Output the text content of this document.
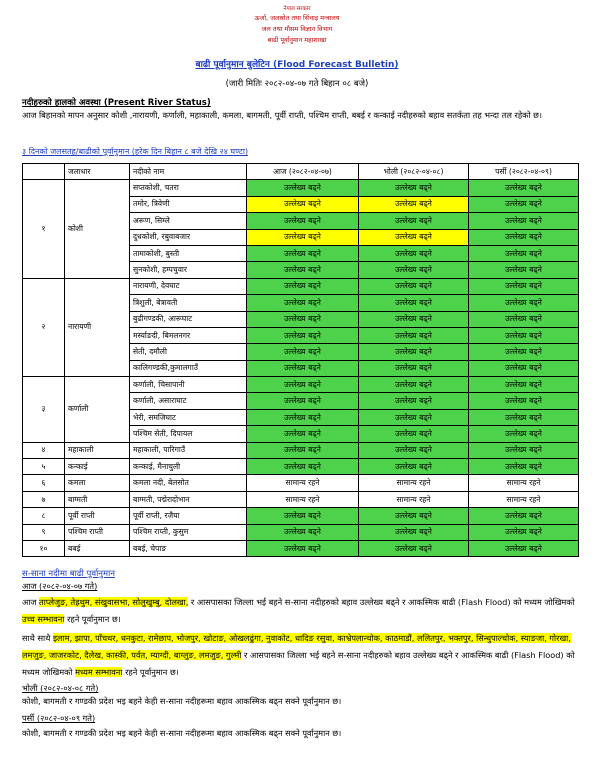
नेपाल सरकार
ऊर्जा, जलस्रोत तथा सिंचाइ मन्त्रालय
जल तथा मौसम विज्ञान विभाग
बाढी पूर्वानुमान महाशाखा
बाढी पूर्वानुमान बुलेटिन (Flood Forecast Bulletin)
(जारी मितिः २०८२-०४-०७ गते बिहान ०८ बजे)
नदीहरुको हालको अवस्था (Present River Status)
आज बिहानको मापन अनुसार कोशी ,नारायणी, कर्णाली, महाकाली, कमला, बागमती, पूर्वी राप्ती, पश्चिम राप्ती, बबई र कन्काई नदीहरुको बहाव सतर्कता तह भन्दा तल रहेको छ।
३ दिनको जलसतह/बाढीको पूर्वानुमान (हरेक दिन बिहान ८ बजे देखि २४ घण्टा)
	जलाधार	नदीको नाम	आज (२०८२-०४-०७)	भोली (२०८२-०४-०८)	पर्सी (२०८२-०४-०९)
१	कोशी	सप्तकोशी, चतरा	उल्लेख्य बढ्ने	उल्लेख्य बढ्ने	उल्लेख्य बढ्ने
		तमोर, त्रिवेणी	उल्लेख्य बढ्ने	उल्लेख्य बढ्ने	उल्लेख्य बढ्ने
		अरूण, सिम्ले	उल्लेख्य बढ्ने	उल्लेख्य बढ्ने	उल्लेख्य बढ्ने
		दुधकोशी, रबुवाबजार	उल्लेख्य बढ्ने	उल्लेख्य बढ्ने	उल्लेख्य बढ्ने
		तामाकोशी, बुस्ती	उल्लेख्य बढ्ने	उल्लेख्य बढ्ने	उल्लेख्य बढ्ने
		सुनकोशी, हम्पचुवार	उल्लेख्य बढ्ने	उल्लेख्य बढ्ने	उल्लेख्य बढ्ने
२	नारायणी	नारायणी, देवघाट	उल्लेख्य बढ्ने	उल्लेख्य बढ्ने	उल्लेख्य बढ्ने
		त्रिशुली, बेत्रावती	उल्लेख्य बढ्ने	उल्लेख्य बढ्ने	उल्लेख्य बढ्ने
		बुढीगण्डकी, आरूघाट	उल्लेख्य बढ्ने	उल्लेख्य बढ्ने	उल्लेख्य बढ्ने
		मर्स्याङदी, बिमलनगर	उल्लेख्य बढ्ने	उल्लेख्य बढ्ने	उल्लेख्य बढ्ने
		सेती, दमौली	उल्लेख्य बढ्ने	उल्लेख्य बढ्ने	उल्लेख्य बढ्ने
		कालिगण्डकी,कुमालगाउँ	उल्लेख्य बढ्ने	उल्लेख्य बढ्ने	उल्लेख्य बढ्ने
३	कर्णाली	कर्णाली, चिसापानी	उल्लेख्य बढ्ने	उल्लेख्य बढ्ने	उल्लेख्य बढ्ने
		कर्णाली, असाराघाट	उल्लेख्य बढ्ने	उल्लेख्य बढ्ने	उल्लेख्य बढ्ने
		भेरी, समजिघाट	उल्लेख्य बढ्ने	उल्लेख्य बढ्ने	उल्लेख्य बढ्ने
		पश्चिम सेती, दिपायल	उल्लेख्य बढ्ने	उल्लेख्य बढ्ने	उल्लेख्य बढ्ने
४	महाकाली	महाकाली, पारिगाउँ	उल्लेख्य बढ्ने	उल्लेख्य बढ्ने	उल्लेख्य बढ्ने
५	कन्काई	कन्काई, मैनाचुली	उल्लेख्य बढ्ने	उल्लेख्य बढ्ने	उल्लेख्य बढ्ने
६	कमला	कमला नदी, बेलसोत	सामान्य रहने	सामान्य रहने	सामान्य रहने
७	बाग्मती	बाग्मती, पद्मेरादोभान	सामान्य रहने	सामान्य रहने	सामान्य रहने
८	पूर्वी राप्ती	पूर्वी राप्ती, रजैया	उल्लेख्य बढ्ने	उल्लेख्य बढ्ने	उल्लेख्य बढ्ने
९	पश्चिम राप्ती	पश्चिम राप्ती, कुसुम	उल्लेख्य बढ्ने	उल्लेख्य बढ्ने	उल्लेख्य बढ्ने
१०	बबई	बबई, चेपाङ	उल्लेख्य बढ्ने	उल्लेख्य बढ्ने	उल्लेख्य बढ्ने
स-साना नदीमा बाढी पूर्वानुमान
आज (२०८२-०४-०७ गते)
आज ताप्लेजुङ, तेह्रथुम, संखुवासभा, सोलुखुम्बु, दोलखा, र आसपासका जिल्ला भई बहने स-साना नदीहरुको बहाव उल्लेख्य बढ्ने र आकस्मिक बाढी (Flash Flood) को मध्यम जोखिमको उच्च सम्भावना रहने पूर्वानुमान छ।
साथै साथै इलाम, झापा, पाँचथर, धनकुटा, रामेछाप, भोजपुर, खोटाङ, ओखलढुंगा, नुवाकोट, धादिङ रसुवा, काभ्रेपलान्चोक, काठमाडौं, ललितपुर, भक्तपुर, सिन्धुपाल्चोक, स्याङजा, गोरखा, लमजुङ, जाजरकोट, दैलेख, कास्की, पर्वत, म्याग्दी, बाग्लुङ, लमजुङ, गुल्मी र आसपासका जिल्ला भई बहने स-साना नदीहरुको बहाव उल्लेख्य बढ्ने र आकस्मिक बाढी (Flash Flood) को मध्यम जोखिमको मध्यम सम्भावना रहने पूर्वानुमान छ।
भोली (२०८२-०४-०८ गते)
कोशी, बागमती र गण्डकी प्रदेश भइ बहने केही स-साना नदीहरूमा बहाव आकस्मिक बढ्न सक्ने पूर्वानुमान छ।
पर्सी (२०८२-०४-०९ गते)
कोशी, बागमती र गण्डकी प्रदेश भइ बहने केही स-साना नदीहरूमा बहाव आकस्मिक बढ्न सक्ने पूर्वानुमान छ।
